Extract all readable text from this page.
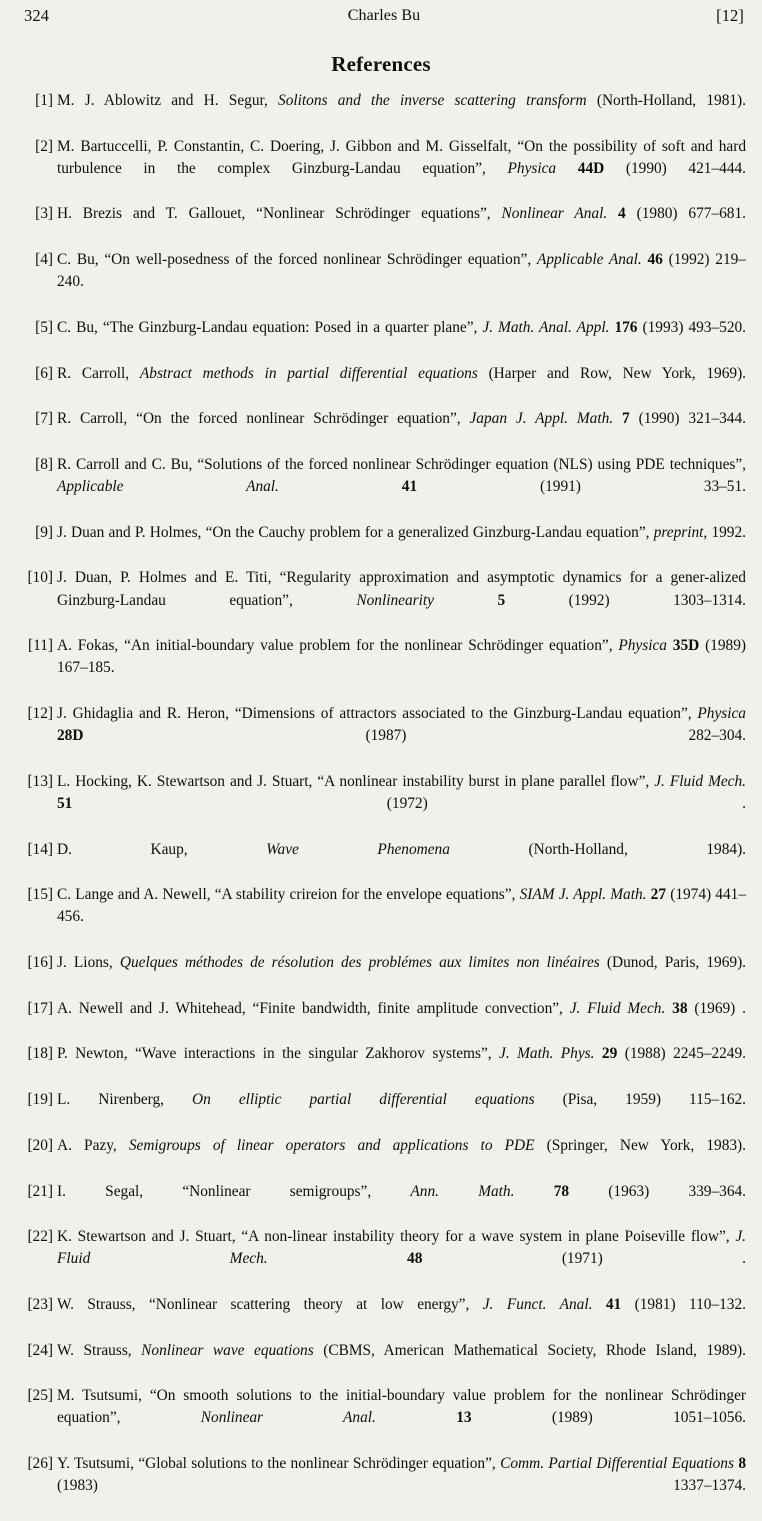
324	Charles Bu	[12]
References
[1] M. J. Ablowitz and H. Segur, Solitons and the inverse scattering transform (North-Holland, 1981).
[2] M. Bartuccelli, P. Constantin, C. Doering, J. Gibbon and M. Gisselfalt, “On the possibility of soft and hard turbulence in the complex Ginzburg-Landau equation”, Physica 44D (1990) 421–444.
[3] H. Brezis and T. Gallouet, “Nonlinear Schrödinger equations”, Nonlinear Anal. 4 (1980) 677–681.
[4] C. Bu, “On well-posedness of the forced nonlinear Schrödinger equation”, Applicable Anal. 46 (1992) 219–240.
[5] C. Bu, “The Ginzburg-Landau equation: Posed in a quarter plane”, J. Math. Anal. Appl. 176 (1993) 493–520.
[6] R. Carroll, Abstract methods in partial differential equations (Harper and Row, New York, 1969).
[7] R. Carroll, “On the forced nonlinear Schrödinger equation”, Japan J. Appl. Math. 7 (1990) 321–344.
[8] R. Carroll and C. Bu, “Solutions of the forced nonlinear Schrödinger equation (NLS) using PDE techniques”, Applicable Anal.	41 (1991) 33–51.
[9] J. Duan and P. Holmes, “On the Cauchy problem for a generalized Ginzburg-Landau equation”, preprint, 1992.
[10] J. Duan, P. Holmes and E. Titi, “Regularity approximation and asymptotic dynamics for a gener-alized Ginzburg-Landau equation”, Nonlinearity	5 (1992) 1303–1314.
[11] A. Fokas, “An initial-boundary value problem for the nonlinear Schrödinger equation”, Physica 35D (1989) 167–185.
[12] J. Ghidaglia and R. Heron, “Dimensions of attractors associated to the Ginzburg-Landau equation”, Physica 28D (1987) 282–304.
[13] L. Hocking, K. Stewartson and J. Stuart, “A nonlinear instability burst in plane parallel flow”, J. Fluid Mech. 51 (1972) .
[14] D. Kaup, Wave Phenomena (North-Holland, 1984).
[15] C. Lange and A. Newell, “A stability crireion for the envelope equations”, SIAM J. Appl. Math. 27 (1974) 441–456.
[16] J. Lions, Quelques méthodes de résolution des problémes aux limites non linéaires (Dunod, Paris, 1969).
[17] A. Newell and J. Whitehead, “Finite bandwidth, finite amplitude convection”, J. Fluid Mech. 38 (1969) .
[18] P. Newton, “Wave interactions in the singular Zakhorov systems”, J. Math. Phys. 29 (1988) 2245–2249.
[19] L. Nirenberg, On elliptic partial differential equations (Pisa, 1959) 115–162.
[20] A. Pazy, Semigroups of linear operators and applications to PDE (Springer, New York, 1983).
[21] I. Segal, “Nonlinear semigroups”, Ann. Math.	78 (1963) 339–364.
[22] K. Stewartson and J. Stuart, “A non-linear instability theory for a wave system in plane Poiseville flow”, J. Fluid Mech.	48 (1971) .
[23] W. Strauss, “Nonlinear scattering theory at low energy”, J. Funct. Anal. 41 (1981) 110–132.
[24] W. Strauss, Nonlinear wave equations (CBMS, American Mathematical Society, Rhode Island, 1989).
[25] M. Tsutsumi, “On smooth solutions to the initial-boundary value problem for the nonlinear Schrödinger equation”, Nonlinear Anal.	13 (1989) 1051–1056.
[26] Y. Tsutsumi, “Global solutions to the nonlinear Schrödinger equation”, Comm. Partial Differential Equations 8 (1983) 1337–1374.
